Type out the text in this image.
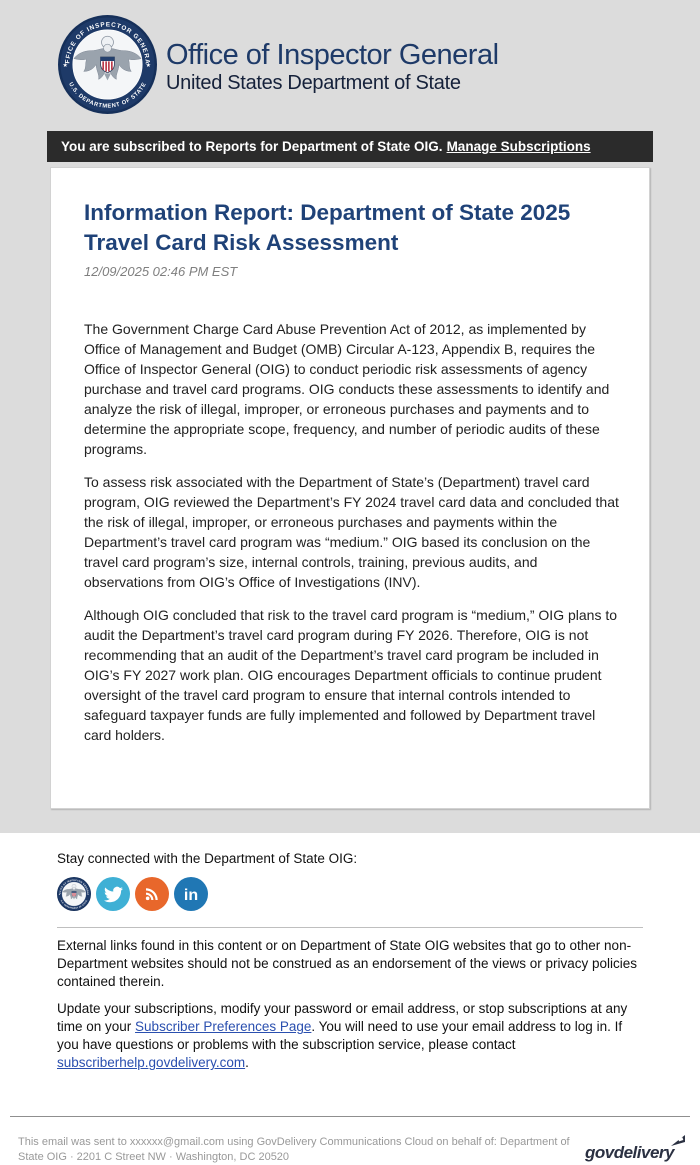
Office of Inspector General
United States Department of State
You are subscribed to Reports for Department of State OIG. Manage Subscriptions
Information Report: Department of State 2025 Travel Card Risk Assessment
12/09/2025 02:46 PM EST

The Government Charge Card Abuse Prevention Act of 2012, as implemented by Office of Management and Budget (OMB) Circular A-123, Appendix B, requires the Office of Inspector General (OIG) to conduct periodic risk assessments of agency purchase and travel card programs. OIG conducts these assessments to identify and analyze the risk of illegal, improper, or erroneous purchases and payments and to determine the appropriate scope, frequency, and number of periodic audits of these programs.

To assess risk associated with the Department of State’s (Department) travel card program, OIG reviewed the Department’s FY 2024 travel card data and concluded that the risk of illegal, improper, or erroneous purchases and payments within the Department’s travel card program was “medium.” OIG based its conclusion on the travel card program’s size, internal controls, training, previous audits, and observations from OIG’s Office of Investigations (INV).

Although OIG concluded that risk to the travel card program is “medium,” OIG plans to audit the Department’s travel card program during FY 2026. Therefore, OIG is not recommending that an audit of the Department’s travel card program be included in OIG’s FY 2027 work plan. OIG encourages Department officials to continue prudent oversight of the travel card program to ensure that internal controls intended to safeguard taxpayer funds are fully implemented and followed by Department travel card holders.

Stay connected with the Department of State OIG:
in

External links found in this content or on Department of State OIG websites that go to other non-Department websites should not be construed as an endorsement of the views or privacy policies contained therein.

Update your subscriptions, modify your password or email address, or stop subscriptions at any time on your Subscriber Preferences Page. You will need to use your email address to log in. If you have questions or problems with the subscription service, please contact subscriberhelp.govdelivery.com.

This email was sent to xxxxxx@gmail.com using GovDelivery Communications Cloud on behalf of: Department of State OIG · 2201 C Street NW · Washington, DC 20520	govdelivery
